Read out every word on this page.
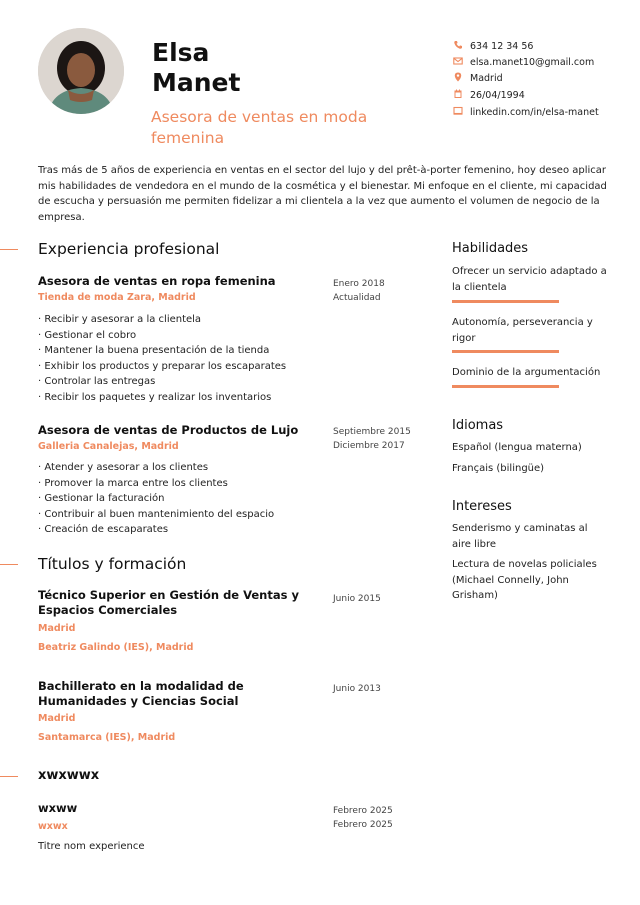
Elsa
Manet
Asesora de ventas en moda femenina
634 12 34 56
elsa.manet10@gmail.com
Madrid
26/04/1994
linkedin.com/in/elsa-manet
Tras más de 5 años de experiencia en ventas en el sector del lujo y del prêt-à-porter femenino, hoy deseo aplicar mis habilidades de vendedora en el mundo de la cosmética y el bienestar. Mi enfoque en el cliente, mi capacidad de escucha y persuasión me permiten fidelizar a mi clientela a la vez que aumento el volumen de negocio de la empresa.
Experiencia profesional
Asesora de ventas en ropa femenina
Tienda de moda Zara, Madrid
Enero 2018
Actualidad
· Recibir y asesorar a la clientela
· Gestionar el cobro
· Mantener la buena presentación de la tienda
· Exhibir los productos y preparar los escaparates
· Controlar las entregas
· Recibir los paquetes y realizar los inventarios
Asesora de ventas de Productos de Lujo
Galleria Canalejas, Madrid
Septiembre 2015
Diciembre 2017
· Atender y asesorar a los clientes
· Promover la marca entre los clientes
· Gestionar la facturación
· Contribuir al buen mantenimiento del espacio
· Creación de escaparates
Títulos y formación
Técnico Superior en Gestión de Ventas y Espacios Comerciales
Madrid
Beatriz Galindo (IES), Madrid
Junio 2015
Bachillerato en la modalidad de Humanidades y Ciencias Social
Madrid
Santamarca (IES), Madrid
Junio 2013
xwxwwx
wxww
wxwx
Febrero 2025
Febrero 2025
Titre nom experience
Habilidades
Ofrecer un servicio adaptado a la clientela
Autonomía, perseverancia y rigor
Dominio de la argumentación
Idiomas
Español (lengua materna)
Français (bilingüe)
Intereses
Senderismo y caminatas al aire libre
Lectura de novelas policiales (Michael Connelly, John Grisham)
